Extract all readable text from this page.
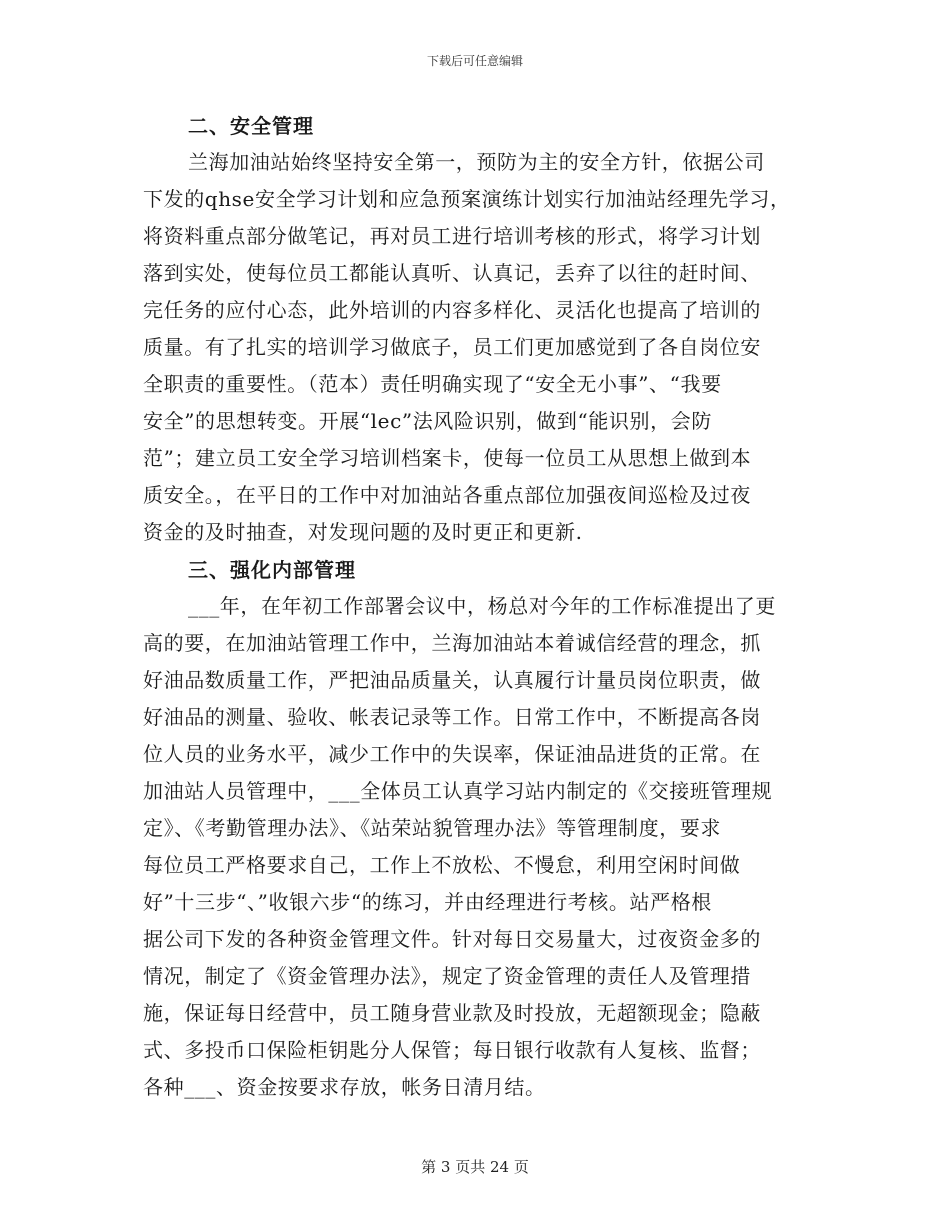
下载后可任意编辑
二、安全管理
兰海加油站始终坚持安全第一，预防为主的安全方针，依据公司
下发的qhse安全学习计划和应急预案演练计划实行加油站经理先学习，
将资料重点部分做笔记，再对员工进行培训考核的形式，将学习计划
落到实处，使每位员工都能认真听、认真记，丢弃了以往的赶时间、
完任务的应付心态，此外培训的内容多样化、灵活化也提高了培训的
质量。有了扎实的培训学习做底子，员工们更加感觉到了各自岗位安
全职责的重要性。（范本）责任明确实现了“安全无小事”、“我要
安全”的思想转变。开展“lec”法风险识别，做到“能识别，会防
范”；建立员工安全学习培训档案卡，使每一位员工从思想上做到本
质安全。，在平日的工作中对加油站各重点部位加强夜间巡检及过夜
资金的及时抽查，对发现问题的及时更正和更新.
三、强化内部管理
___年，在年初工作部署会议中，杨总对今年的工作标准提出了更
高的要，在加油站管理工作中，兰海加油站本着诚信经营的理念，抓
好油品数质量工作，严把油品质量关，认真履行计量员岗位职责，做
好油品的测量、验收、帐表记录等工作。日常工作中，不断提高各岗
位人员的业务水平，减少工作中的失误率，保证油品进货的正常。在
加油站人员管理中，___全体员工认真学习站内制定的《交接班管理规
定》、《考勤管理办法》、《站荣站貌管理办法》等管理制度，要求
每位员工严格要求自己，工作上不放松、不慢怠，利用空闲时间做
好”十三步“、”收银六步“的练习，并由经理进行考核。站严格根
据公司下发的各种资金管理文件。针对每日交易量大，过夜资金多的
情况，制定了《资金管理办法》，规定了资金管理的责任人及管理措
施，保证每日经营中，员工随身营业款及时投放，无超额现金；隐蔽
式、多投币口保险柜钥匙分人保管；每日银行收款有人复核、监督；
各种___、资金按要求存放，帐务日清月结。
第 3 页共 24 页
